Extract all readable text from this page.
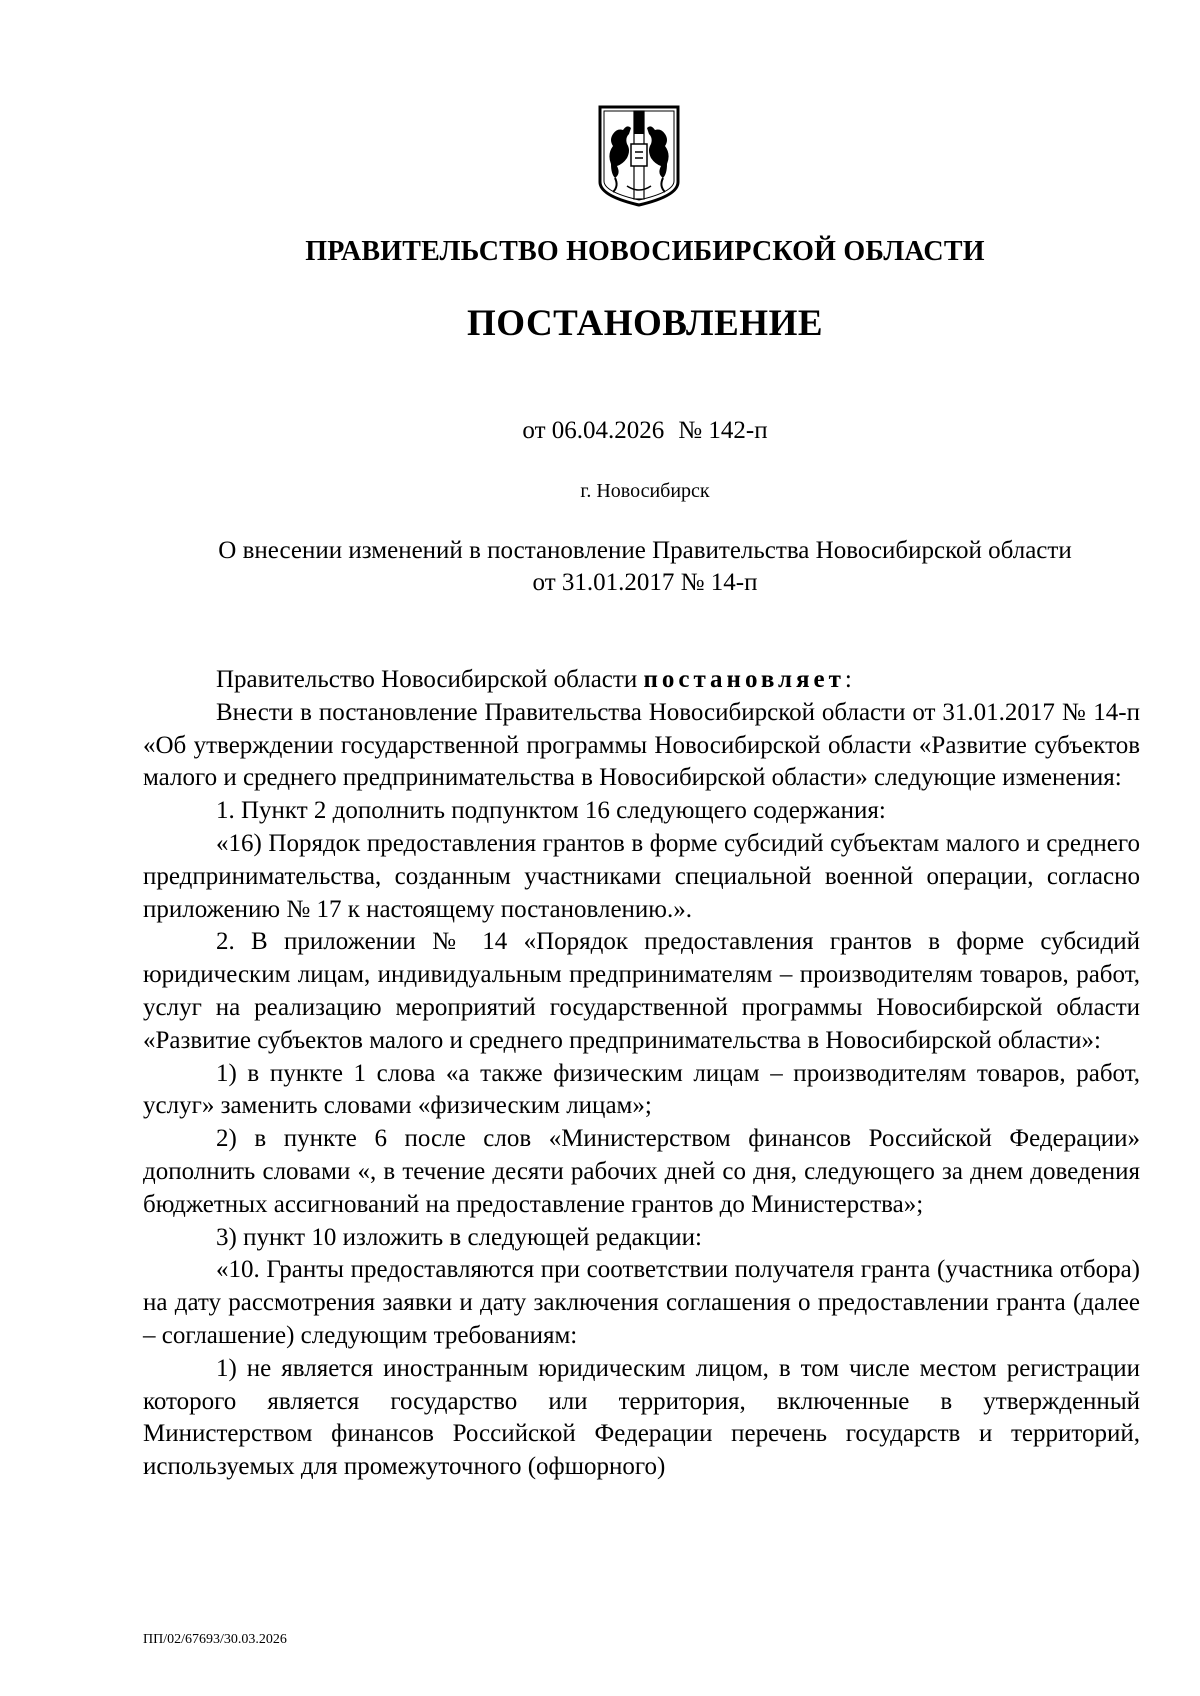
ПРАВИТЕЛЬСТВО НОВОСИБИРСКОЙ ОБЛАСТИ
ПОСТАНОВЛЕНИЕ
от 06.04.2026 № 142-п
г. Новосибирск
О внесении изменений в постановление Правительства Новосибирской области
от 31.01.2017 № 14-п

Правительство Новосибирской области постановляет:

Внести в постановление Правительства Новосибирской области от 31.01.2017 № 14-п «Об утверждении государственной программы Новосибирской области «Развитие субъектов малого и среднего предпринимательства в Новосибирской области» следующие изменения:

1. Пункт 2 дополнить подпунктом 16 следующего содержания:

«16) Порядок предоставления грантов в форме субсидий субъектам малого и среднего предпринимательства, созданным участниками специальной военной операции, согласно приложению № 17 к настоящему постановлению.».

2. В приложении № 14 «Порядок предоставления грантов в форме субсидий юридическим лицам, индивидуальным предпринимателям – производителям товаров, работ, услуг на реализацию мероприятий государственной программы Новосибирской области «Развитие субъектов малого и среднего предпринимательства в Новосибирской области»:

1) в пункте 1 слова «а также физическим лицам – производителям товаров, работ, услуг» заменить словами «физическим лицам»;

2) в пункте 6 после слов «Министерством финансов Российской Федерации» дополнить словами «, в течение десяти рабочих дней со дня, следующего за днем доведения бюджетных ассигнований на предоставление грантов до Министерства»;

3) пункт 10 изложить в следующей редакции:

«10. Гранты предоставляются при соответствии получателя гранта (участника отбора) на дату рассмотрения заявки и дату заключения соглашения о предоставлении гранта (далее – соглашение) следующим требованиям:

1) не является иностранным юридическим лицом, в том числе местом регистрации которого является государство или территория, включенные в утвержденный Министерством финансов Российской Федерации перечень государств и территорий, используемых для промежуточного (офшорного)

ПП/02/67693/30.03.2026
